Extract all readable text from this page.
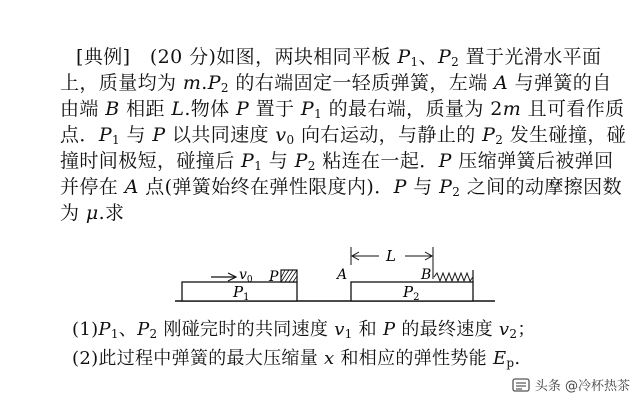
[典例]　(20 分)如图，两块相同平板 $P_1$、$P_2$ 置于光滑水平面
上，质量均为 $m.P_2$ 的右端固定一轻质弹簧，左端 A 与弹簧的自
由端 B 相距 L.物体 P 置于 $P_1$ 的最右端，质量为 2m 且可看作质
点．$P_1$ 与 P 以共同速度 $v_0$ 向右运动，与静止的 $P_2$ 发生碰撞，碰
撞时间极短，碰撞后 $P_1$ 与 $P_2$ 粘连在一起．P 压缩弹簧后被弹回
并停在 A 点(弹簧始终在弹性限度内)．P 与 $P_2$ 之间的动摩擦因数
为 μ.求
$P_1$
P
$v_0$
$P_2$
A	B
L
$(1)P_1$、$P_2$ 刚碰完时的共同速度 $v_1$ 和 P 的最终速度 $v_2$；
(2)此过程中弹簧的最大压缩量 x 和相应的弹性势能 $E_p$.
头条 @冷杯热茶
